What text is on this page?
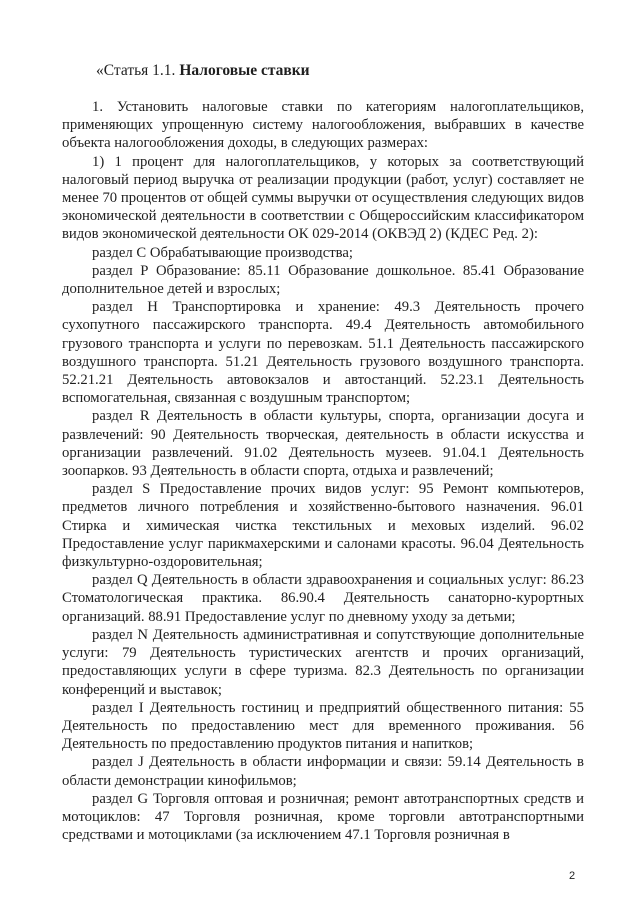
«Статья 1.1. Налоговые ставки

1. Установить налоговые ставки по категориям налогоплательщиков, применяющих упрощенную систему налогообложения, выбравших в качестве объекта налогообложения доходы, в следующих размерах:

1) 1 процент для налогоплательщиков, у которых за соответствующий налоговый период выручка от реализации продукции (работ, услуг) составляет не менее 70 процентов от общей суммы выручки от осуществления следующих видов экономической деятельности в соответствии с Общероссийским классификатором видов экономической деятельности ОК 029-2014 (ОКВЭД 2) (КДЕС Ред. 2):

раздел С Обрабатывающие производства;

раздел Р Образование: 85.11 Образование дошкольное. 85.41 Образование дополнительное детей и взрослых;

раздел Н Транспортировка и хранение: 49.3 Деятельность прочего сухопутного пассажирского транспорта. 49.4 Деятельность автомобильного грузового транспорта и услуги по перевозкам. 51.1 Деятельность пассажирского воздушного транспорта. 51.21 Деятельность грузового воздушного транспорта. 52.21.21 Деятельность автовокзалов и автостанций. 52.23.1 Деятельность вспомогательная, связанная с воздушным транспортом;

раздел R Деятельность в области культуры, спорта, организации досуга и развлечений: 90 Деятельность творческая, деятельность в области искусства и организации развлечений. 91.02 Деятельность музеев. 91.04.1 Деятельность зоопарков. 93 Деятельность в области спорта, отдыха и развлечений;

раздел S Предоставление прочих видов услуг: 95 Ремонт компьютеров, предметов личного потребления и хозяйственно-бытового назначения. 96.01 Стирка и химическая чистка текстильных и меховых изделий. 96.02 Предоставление услуг парикмахерскими и салонами красоты. 96.04 Деятельность физкультурно-оздоровительная;

раздел Q Деятельность в области здравоохранения и социальных услуг: 86.23 Стоматологическая практика. 86.90.4 Деятельность санаторно-курортных организаций. 88.91 Предоставление услуг по дневному уходу за детьми;

раздел N Деятельность административная и сопутствующие дополнительные услуги: 79 Деятельность туристических агентств и прочих организаций, предоставляющих услуги в сфере туризма. 82.3 Деятельность по организации конференций и выставок;

раздел I Деятельность гостиниц и предприятий общественного питания: 55 Деятельность по предоставлению мест для временного проживания. 56 Деятельность по предоставлению продуктов питания и напитков;

раздел J Деятельность в области информации и связи: 59.14 Деятельность в области демонстрации кинофильмов;

раздел G Торговля оптовая и розничная; ремонт автотранспортных средств и мотоциклов: 47 Торговля розничная, кроме торговли автотранспортными средствами и мотоциклами (за исключением 47.1 Торговля розничная в

2
